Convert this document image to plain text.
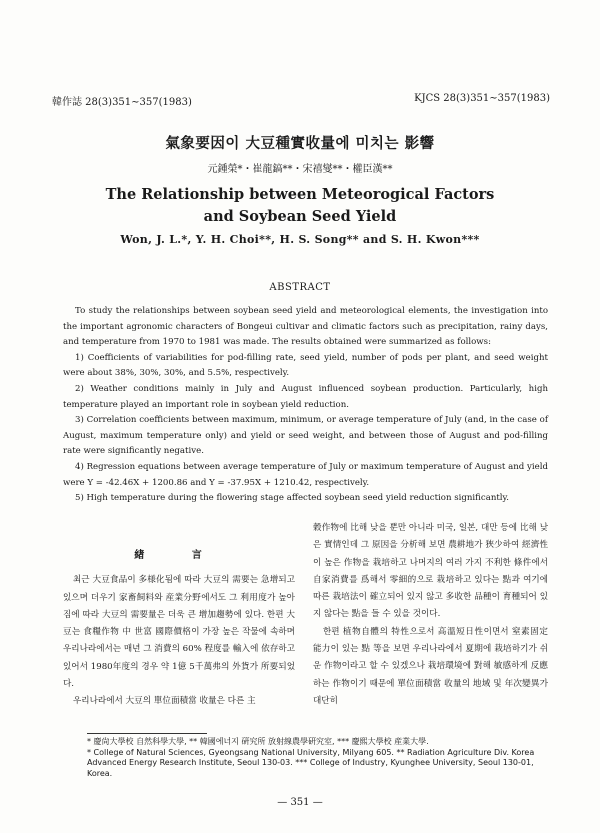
韓作誌 28(3)351∼357(1983)	KJCS 28(3)351∼357(1983)
氣象要因이 大豆種實收量에 미치는 影響
元鍾榮*・崔龍鎬**・宋禧燮**・權臣漢**
The Relationship between Meteorogical Factors
and Soybean Seed Yield
Won, J. L.*, Y. H. Choi**, H. S. Song** and S. H. Kwon***
ABSTRACT

To study the relationships between soybean seed yield and meteorological elements, the investigation into the important agronomic characters of Bongeui cultivar and climatic factors such as precipitation, rainy days, and temperature from 1970 to 1981 was made. The results obtained were summarized as follows:

1) Coefficients of variabilities for pod-filling rate, seed yield, number of pods per plant, and seed weight were about 38%, 30%, 30%, and 5.5%, respectively.

2) Weather conditions mainly in July and August influenced soybean production. Particularly, high temperature played an important role in soybean yield reduction.

3) Correlation coefficients between maximum, minimum, or average temperature of July (and, in the case of August, maximum temperature only) and yield or seed weight, and between those of August and pod-filling rate were significantly negative.

4) Regression equations between average temperature of July or maximum temperature of August and yield were Y = -42.46X + 1200.86 and Y = -37.95X + 1210.42, respectively.

5) High temperature during the flowering stage affected soybean seed yield reduction significantly.

緖 言

최근 大豆食品이 多様化됨에 따라 大豆의 需要는 急增되고 있으며 더우기 家畜飼料와 産業分野에서도 그 利用度가 높아짐에 따라 大豆의 需要量은 더욱 큰 增加趨勢에 있다. 한편 大豆는 食糧作物 中 世富 國際價格이 가장 높은 작물에 속하며 우리나라에서는 매년 그 消費의 60% 程度를 輸入에 依存하고 있어서 1980年度의 경우 약 1億 5千萬弗의 外貨가 所要되었다.

우리나라에서 大豆의 單位面積當 收量은 다른 主

穀作物에 比해 낮을 뿐만 아니라 미국, 일본, 대만 등에 比해 낮은 實情인데 그 原因을 分析해 보면 農耕地가 狹少하여 經濟性이 높은 作物을 栽培하고 나머지의 여러 가지 不利한 條件에서 自家消費를 爲해서 零細的으로 栽培하고 있다는 點과 여기에 따른 栽培法이 確立되어 있지 않고 多收한 品種이 育種되어 있지 않다는 點을 들 수 있을 것이다.

한편 植物自體의 特性으로서 高溫短日性이면서 窒素固定 能力이 있는 點 等을 보면 우리나라에서 夏期에 栽培하기가 쉬운 作物이라고 할 수 있겠으나 栽培環境에 對해 敏感하게 反應하는 作物이기 때문에 單位面積當 收量의 地域 및 年次變異가 대단히

* 慶尙大學校 自然科學大學, ** 韓國에너지 硏究所 放射線農學硏究室, *** 慶熙大學校 産業大學.

* College of Natural Sciences, Gyeongsang National University, Milyang 605. ** Radiation Agriculture Div. Korea Advanced Energy Research Institute, Seoul 130-03. *** College of Industry, Kyunghee University, Seoul 130-01, Korea.

— 351 —
